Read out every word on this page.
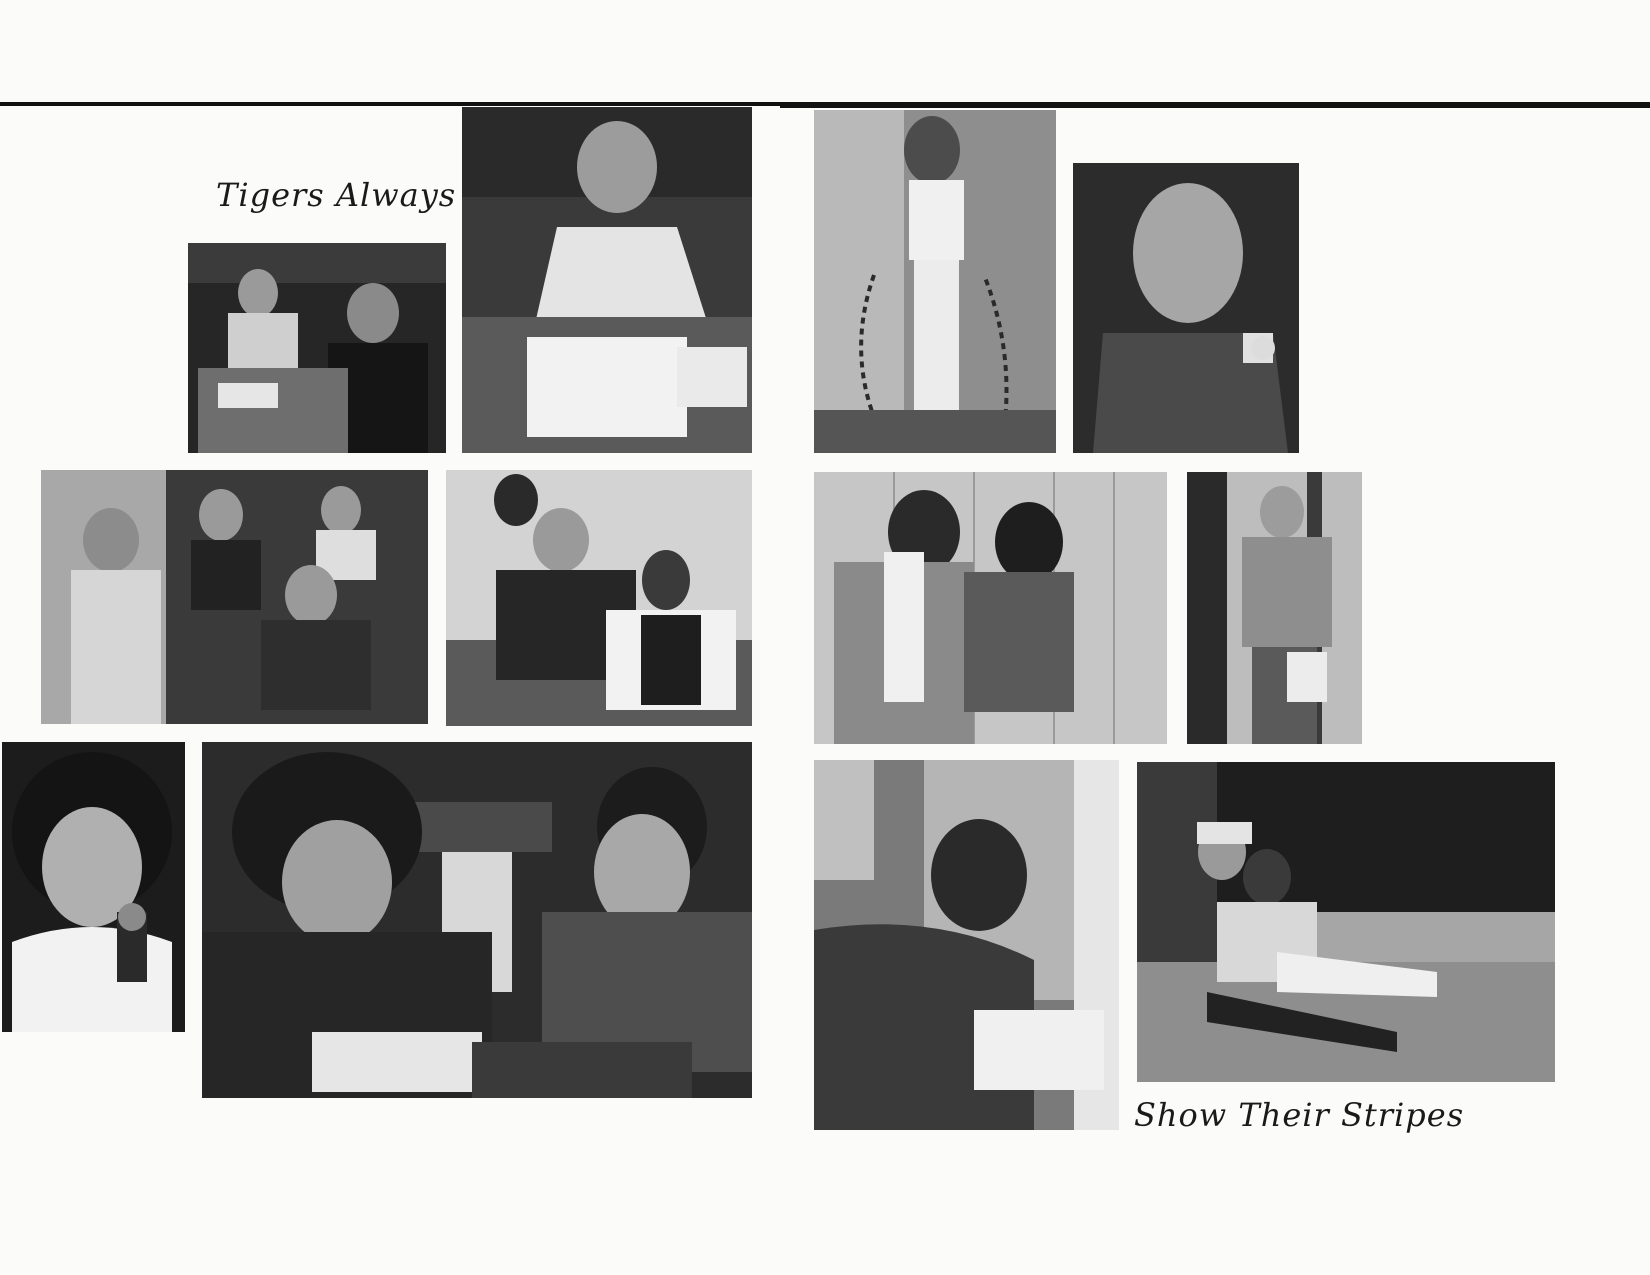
Tigers Always
Show Their Stripes
